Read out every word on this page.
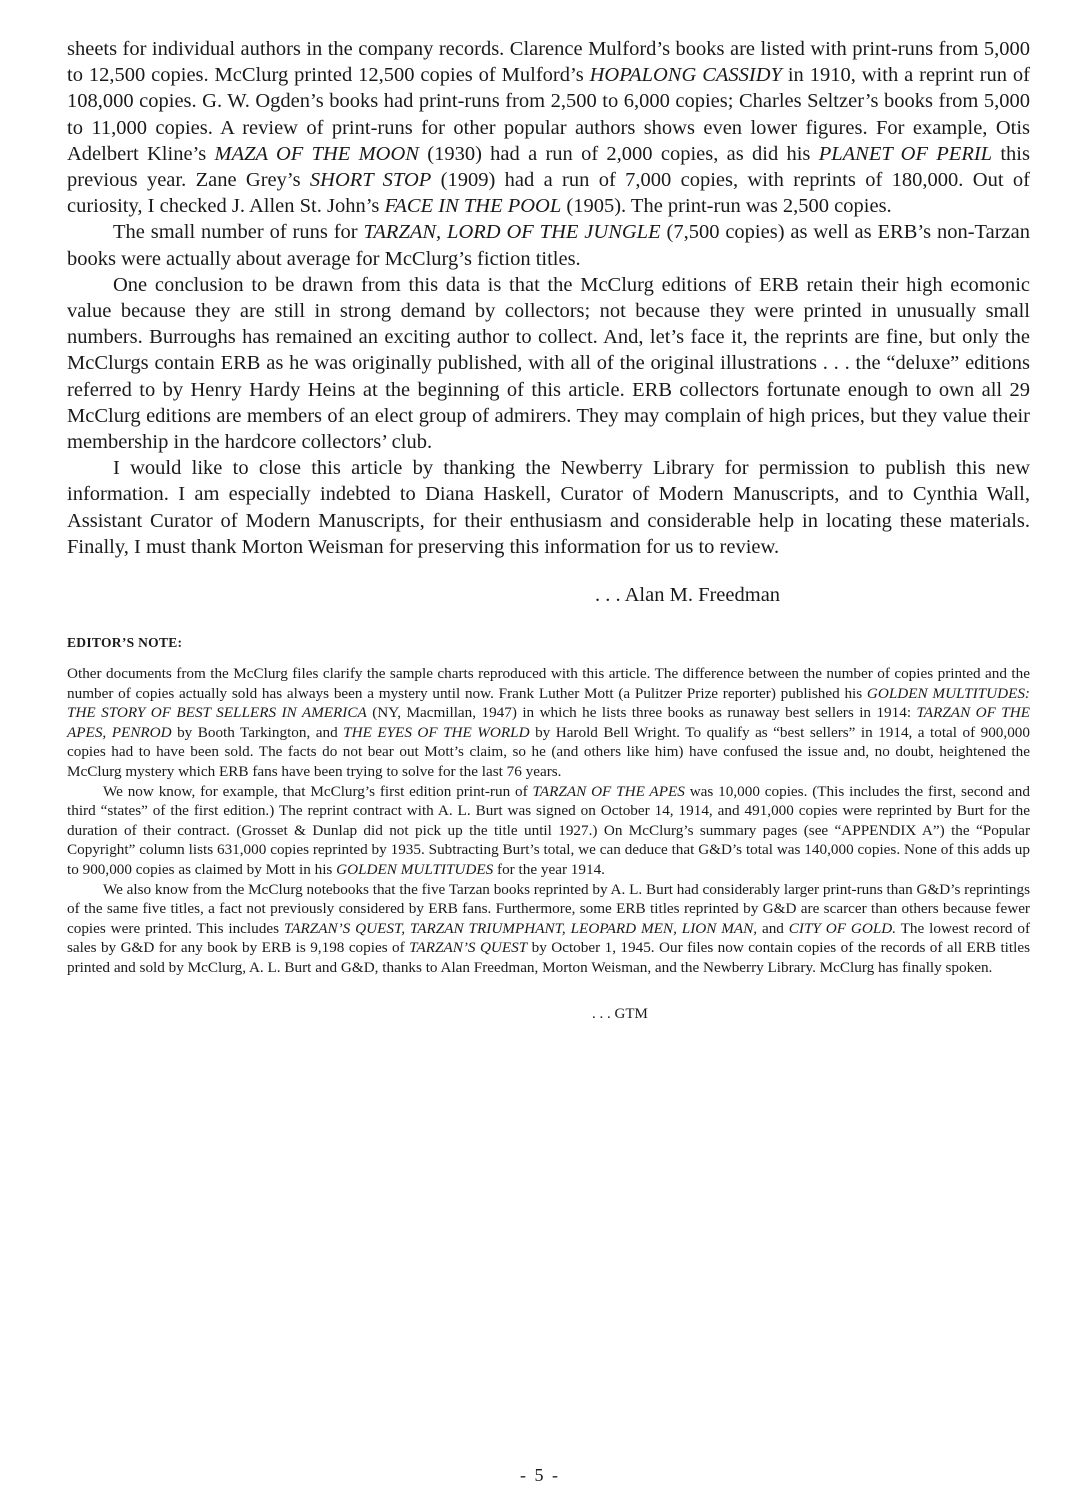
sheets for individual authors in the company records. Clarence Mulford’s books are listed with print-runs from 5,000 to 12,500 copies. McClurg printed 12,500 copies of Mulford’s HOPALONG CASSIDY in 1910, with a reprint run of 108,000 copies. G. W. Ogden’s books had print-runs from 2,500 to 6,000 copies; Charles Seltzer’s books from 5,000 to 11,000 copies. A review of print-runs for other popular authors shows even lower figures. For example, Otis Adelbert Kline’s MAZA OF THE MOON (1930) had a run of 2,000 copies, as did his PLANET OF PERIL this previous year. Zane Grey’s SHORT STOP (1909) had a run of 7,000 copies, with reprints of 180,000. Out of curiosity, I checked J. Allen St. John’s FACE IN THE POOL (1905). The print-run was 2,500 copies.

The small number of runs for TARZAN, LORD OF THE JUNGLE (7,500 copies) as well as ERB’s non-Tarzan books were actually about average for McClurg’s fiction titles.

One conclusion to be drawn from this data is that the McClurg editions of ERB retain their high ecomonic value because they are still in strong demand by collectors; not because they were printed in unusually small numbers. Burroughs has remained an exciting author to collect. And, let’s face it, the reprints are fine, but only the McClurgs contain ERB as he was originally published, with all of the original illustrations . . . the “deluxe” editions referred to by Henry Hardy Heins at the beginning of this article. ERB collectors fortunate enough to own all 29 McClurg editions are members of an elect group of admirers. They may complain of high prices, but they value their membership in the hardcore collectors’ club.

I would like to close this article by thanking the Newberry Library for permission to publish this new information. I am especially indebted to Diana Haskell, Curator of Modern Manuscripts, and to Cynthia Wall, Assistant Curator of Modern Manuscripts, for their enthusiasm and considerable help in locating these materials. Finally, I must thank Morton Weisman for preserving this information for us to review.

. . . Alan M. Freedman
EDITOR’S NOTE:

Other documents from the McClurg files clarify the sample charts reproduced with this article. The difference between the number of copies printed and the number of copies actually sold has always been a mystery until now. Frank Luther Mott (a Pulitzer Prize reporter) published his GOLDEN MULTITUDES: THE STORY OF BEST SELLERS IN AMERICA (NY, Macmillan, 1947) in which he lists three books as runaway best sellers in 1914: TARZAN OF THE APES, PENROD by Booth Tarkington, and THE EYES OF THE WORLD by Harold Bell Wright. To qualify as “best sellers” in 1914, a total of 900,000 copies had to have been sold. The facts do not bear out Mott’s claim, so he (and others like him) have confused the issue and, no doubt, heightened the McClurg mystery which ERB fans have been trying to solve for the last 76 years.

We now know, for example, that McClurg’s first edition print-run of TARZAN OF THE APES was 10,000 copies. (This includes the first, second and third “states” of the first edition.) The reprint contract with A. L. Burt was signed on October 14, 1914, and 491,000 copies were reprinted by Burt for the duration of their contract. (Grosset & Dunlap did not pick up the title until 1927.) On McClurg’s summary pages (see “APPENDIX A”) the “Popular Copyright” column lists 631,000 copies reprinted by 1935. Subtracting Burt’s total, we can deduce that G&D’s total was 140,000 copies. None of this adds up to 900,000 copies as claimed by Mott in his GOLDEN MULTITUDES for the year 1914.

We also know from the McClurg notebooks that the five Tarzan books reprinted by A. L. Burt had considerably larger print-runs than G&D’s reprintings of the same five titles, a fact not previously considered by ERB fans. Furthermore, some ERB titles reprinted by G&D are scarcer than others because fewer copies were printed. This includes TARZAN’S QUEST, TARZAN TRIUMPHANT, LEOPARD MEN, LION MAN, and CITY OF GOLD. The lowest record of sales by G&D for any book by ERB is 9,198 copies of TARZAN’S QUEST by October 1, 1945. Our files now contain copies of the records of all ERB titles printed and sold by McClurg, A. L. Burt and G&D, thanks to Alan Freedman, Morton Weisman, and the Newberry Library. McClurg has finally spoken.

. . . GTM
- 5 -
